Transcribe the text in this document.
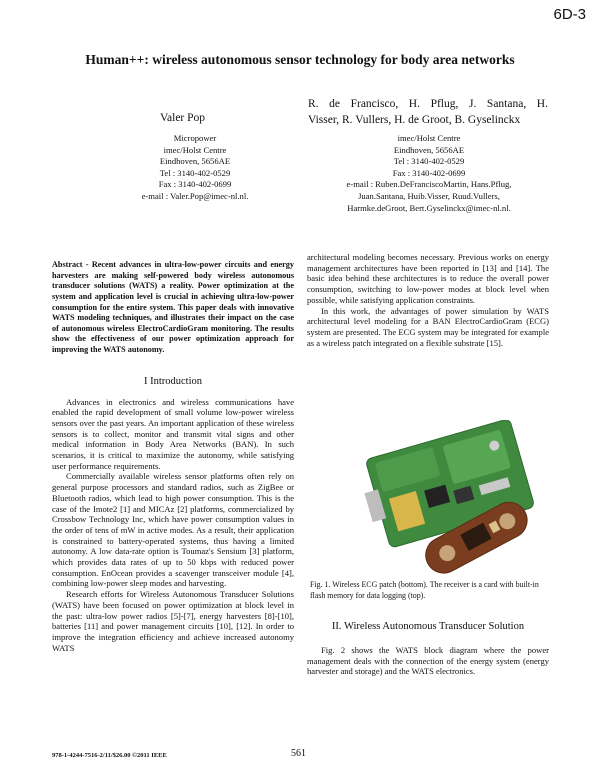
6D-3
Human++: wireless autonomous sensor technology for body area networks
Valer Pop
Micropower
imec/Holst Centre
Eindhoven, 5656AE
Tel : 3140-402-0529
Fax : 3140-402-0699
e-mail : Valer.Pop@imec-nl.nl.
R. de Francisco, H. Pflug, J. Santana, H.
Visser, R. Vullers, H. de Groot, B. Gyselinckx
imec/Holst Centre
Eindhoven, 5656AE
Tel : 3140-402-0529
Fax : 3140-402-0699
e-mail : Ruben.DeFranciscoMartin, Hans.Pflug,
Juan.Santana, Huib.Visser, Ruud.Vullers,
Harmke.deGroot, Bert.Gyselinckx@imec-nl.nl.

Abstract - Recent advances in ultra-low-power circuits and energy harvesters are making self-powered body wireless autonomous transducer solutions (WATS) a reality. Power optimization at the system and application level is crucial in achieving ultra-low-power consumption for the entire system. This paper deals with innovative WATS modeling techniques, and illustrates their impact on the case of autonomous wireless ElectroCardioGram monitoring. The results show the effectiveness of our power optimization approach for improving the WATS autonomy.

I Introduction

Advances in electronics and wireless communications have enabled the rapid development of small volume low-power wireless sensors over the past years. An important application of these wireless sensors is to collect, monitor and transmit vital signs and other medical information in Body Area Networks (BAN). In such scenarios, it is critical to maximize the autonomy, while satisfying user performance requirements.

Commercially available wireless sensor platforms often rely on general purpose processors and standard radios, such as ZigBee or Bluetooth radios, which lead to high power consumption. This is the case of the Imote2 [1] and MICAz [2] platforms, commercialized by Crossbow Technology Inc, which have power consumption values in the order of tens of mW in active modes. As a result, their application is constrained to battery-operated systems, thus having a limited autonomy. A low data-rate option is Toumaz's Sensium [3] platform, which provides data rates of up to 50 kbps with reduced power consumption. EnOcean provides a scavenger transceiver module [4], combining low-power sleep modes and harvesting.

Research efforts for Wireless Autonomous Transducer Solutions (WATS) have been focused on power optimization at block level in the past: ultra-low power radios [5]-[7], energy harvesters [8]-[10], batteries [11] and power management circuits [10], [12]. In order to improve the integration efficiency and achieve increased autonomy WATS

architectural modeling becomes necessary. Previous works on energy management architectures have been reported in [13] and [14]. The basic idea behind these architectures is to reduce the overall power consumption, switching to low-power modes at block level when possible, while satisfying application constraints.

In this work, the advantages of power simulation by WATS architectural level modeling for a BAN ElectroCardioGram (ECG) system are presented. The ECG system may be integrated for example as a wireless patch integrated on a flexible substrate [15].

Fig. 1. Wireless ECG patch (bottom). The receiver is a card with built-in flash memory for data logging (top).
II. Wireless Autonomous Transducer Solution

Fig. 2 shows the WATS block diagram where the power management deals with the connection of the energy system (energy harvester and storage) and the WATS electronics.

978-1-4244-7516-2/11/$26.00 ©2011 IEEE	561
